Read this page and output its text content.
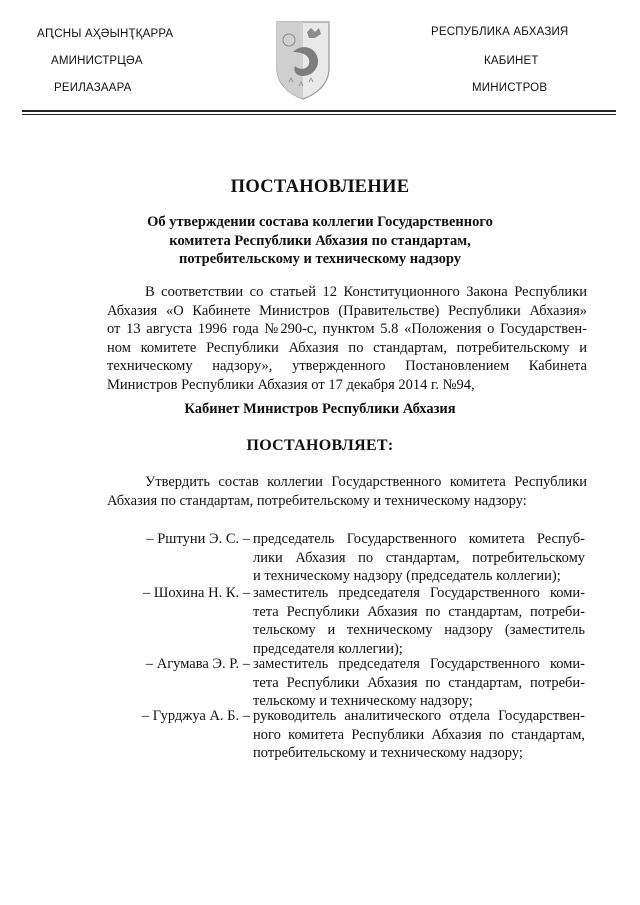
АԤСНЫ АҲӘЫНҬҚАРРА
АМИНИСТРЦӘА
РЕИЛАЗААРА
РЕСПУБЛИКА АБХАЗИЯ
КАБИНЕТ
МИНИСТРОВ
ПОСТАНОВЛЕНИЕ
Об утверждении состава коллегии Государственного
комитета Республики Абхазия по стандартам,
потребительскому и техническому надзору
В соответствии со статьей 12 Конституционного Закона Республики
Абхазия «О Кабинете Министров (Правительстве) Республики Абхазия»
от 13 августа 1996 года №290-с, пунктом 5.8 «Положения о Государствен-
ном комитете Республики Абхазия по стандартам, потребительскому и
техническому надзору», утвержденного Постановлением Кабинета
Министров Республики Абхазия от 17 декабря 2014 г. №94,
Кабинет Министров Республики Абхазия
ПОСТАНОВЛЯЕТ:
Утвердить состав коллегии Государственного комитета Республики
Абхазия по стандартам, потребительскому и техническому надзору:
– Рштуни Э. С. – председатель Государственного комитета Респуб-
лики Абхазия по стандартам, потребительскому
и техническому надзору (председатель коллегии);
– Шохина Н. К. – заместитель председателя Государственного коми-
тета Республики Абхазия по стандартам, потреби-
тельскому и техническому надзору (заместитель
председателя коллегии);
– Агумава Э. Р. – заместитель председателя Государственного коми-
тета Республики Абхазия по стандартам, потреби-
тельскому и техническому надзору;
– Гурджуа А. Б. – руководитель аналитического отдела Государствен-
ного комитета Республики Абхазия по стандартам,
потребительскому и техническому надзору;
